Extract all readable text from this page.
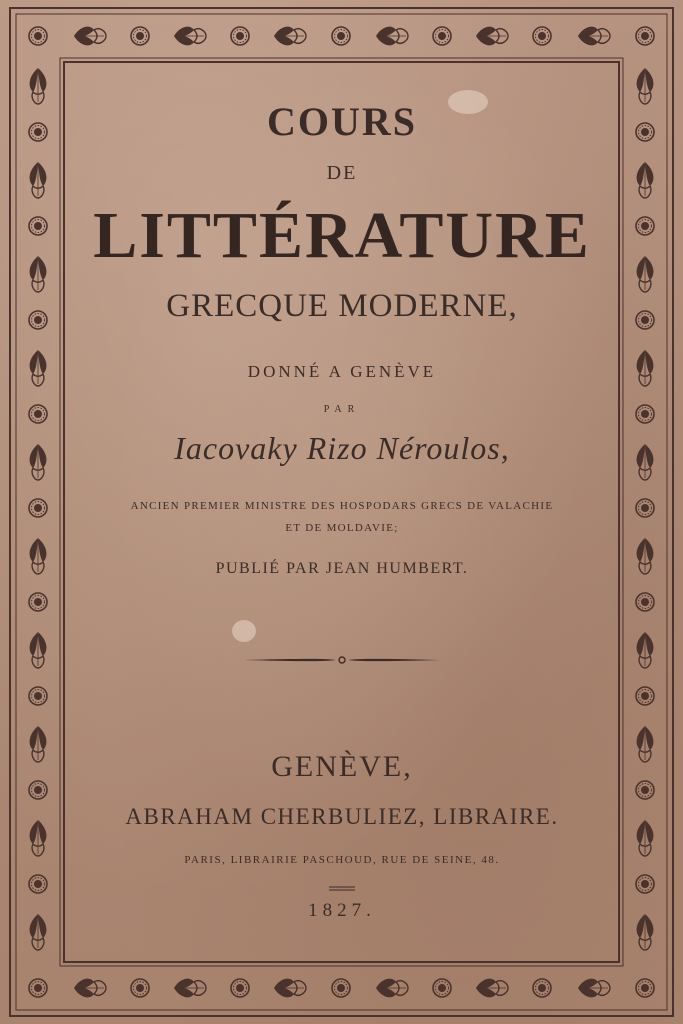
COURS
DE
LITTÉRATURE
GRECQUE MODERNE,
DONNÉ A GENÈVE
PAR
Iacovaky Rizo Néroulos,
ANCIEN PREMIER MINISTRE DES HOSPODARS GRECS DE VALACHIE
ET DE MOLDAVIE;
PUBLIÉ PAR JEAN HUMBERT.
GENÈVE,
ABRAHAM CHERBULIEZ, LIBRAIRE.
PARIS, LIBRAIRIE PASCHOUD, RUE DE SEINE, 48.
1827.
